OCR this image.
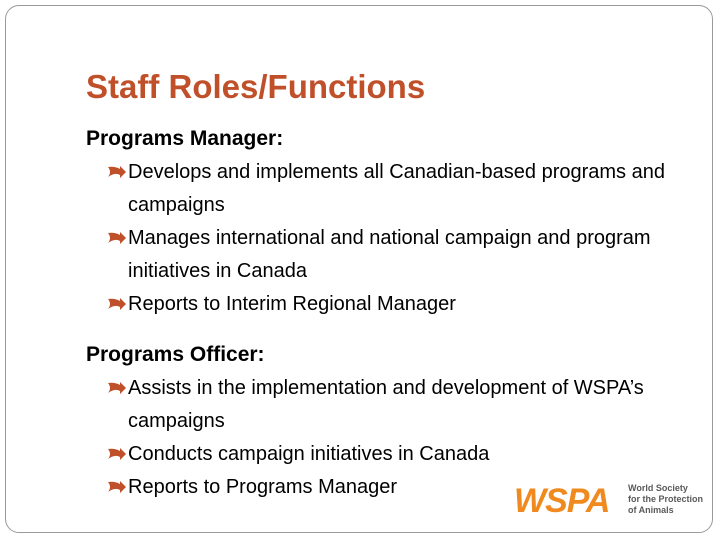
Staff Roles/Functions

Programs Manager:

Develops and implements all Canadian-based programs and campaigns
Manages international and national campaign and program initiatives in Canada
Reports to Interim Regional Manager

Programs Officer:

Assists in the implementation and development of WSPA’s campaigns
Conducts campaign initiatives in Canada
Reports to Programs Manager	WSPA World Society
for the Protection
of Animals
